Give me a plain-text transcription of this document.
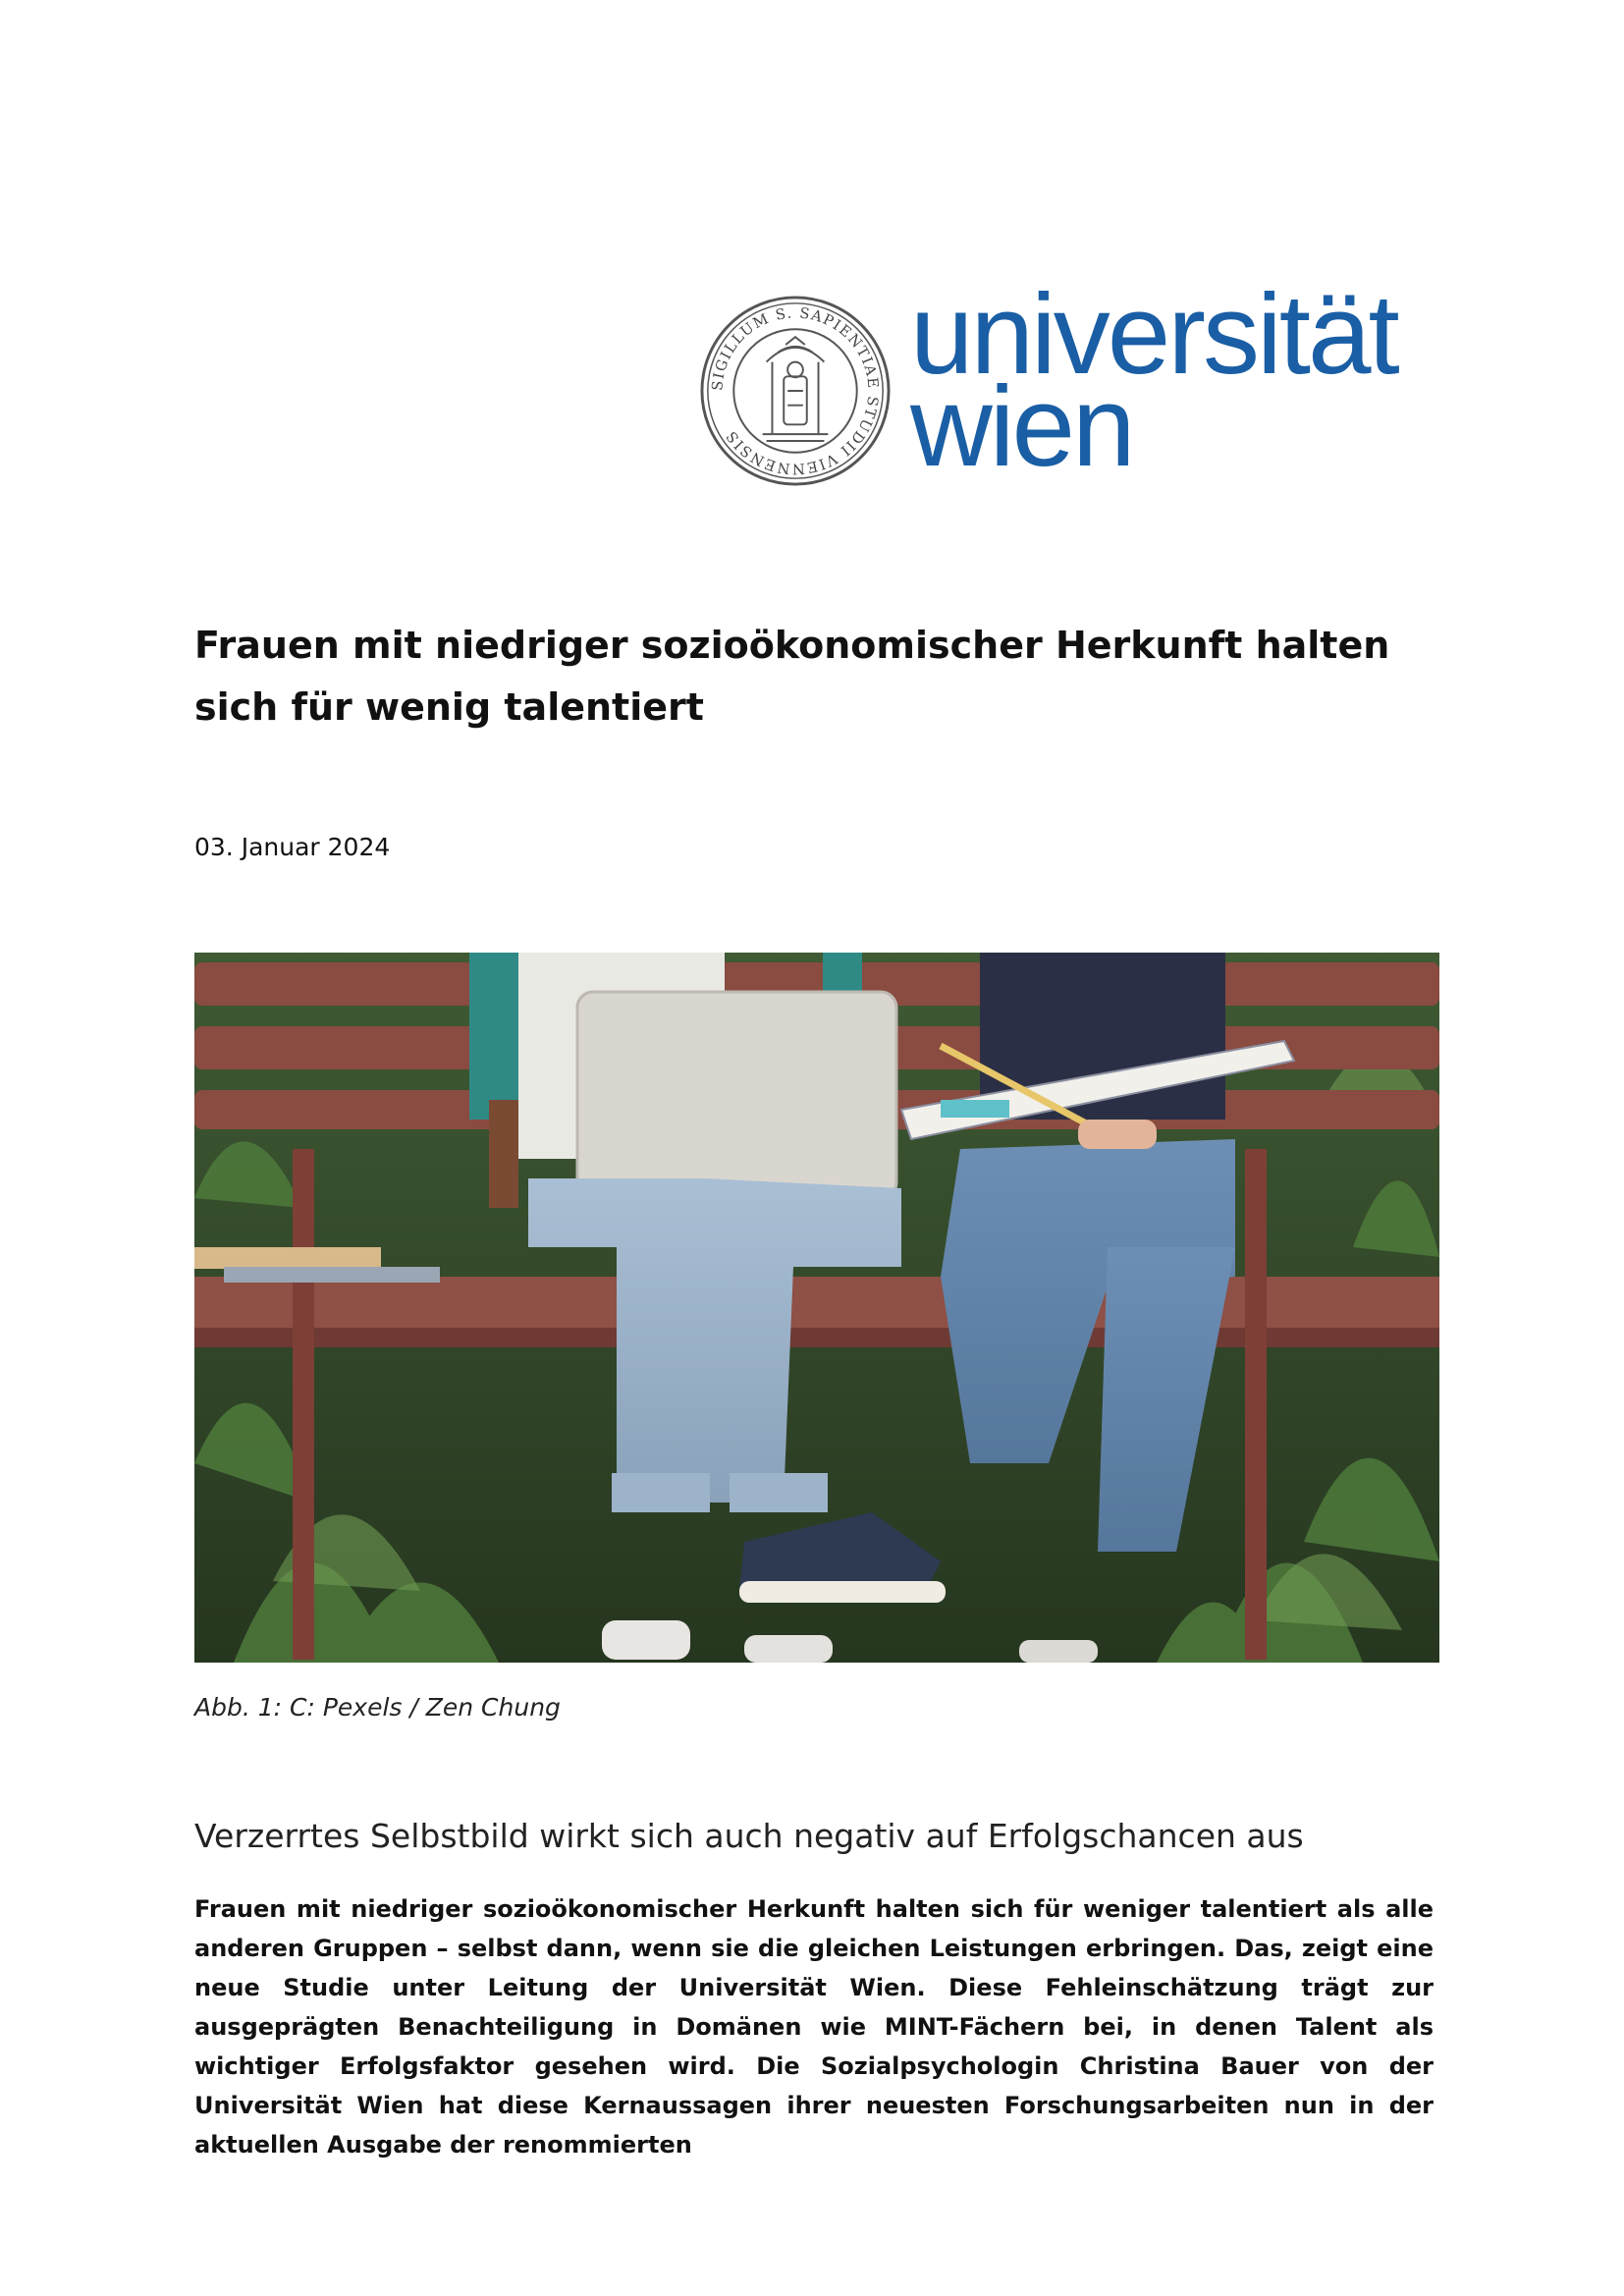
SIGILLUM S. SAPIENTIAE STUDII VIENNENSIS
universität
wien
Frauen mit niedriger sozioökonomischer Herkunft halten sich für wenig talentiert
03. Januar 2024
Abb. 1: C: Pexels / Zen Chung
Verzerrtes Selbstbild wirkt sich auch negativ auf Erfolgschancen aus

Frauen mit niedriger sozioökonomischer Herkunft halten sich für weniger talentiert als alle anderen Gruppen – selbst dann, wenn sie die gleichen Leistungen erbringen. Das, zeigt eine neue Studie unter Leitung der Universität Wien. Diese Fehleinschätzung trägt zur ausgeprägten Benachteiligung in Domänen wie MINT-Fächern bei, in denen Talent als wichtiger Erfolgsfaktor gesehen wird. Die Sozialpsychologin Christina Bauer von der Universität Wien hat diese Kernaussagen ihrer neuesten Forschungsarbeiten nun in der aktuellen Ausgabe der renommierten
